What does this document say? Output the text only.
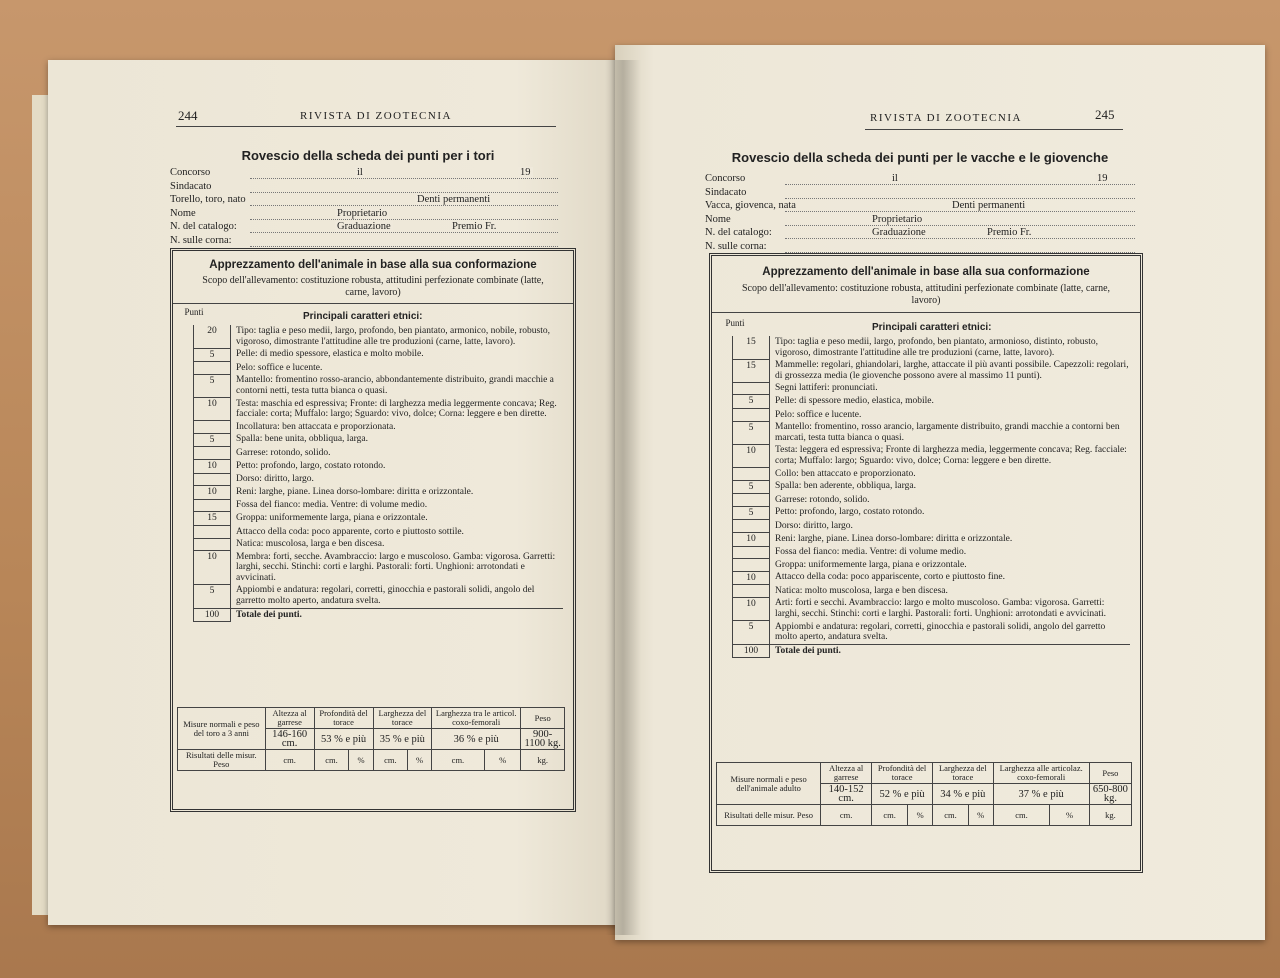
244	RIVISTA DI ZOOTECNIA
Rovescio della scheda dei punti per i tori
Concorso	il	19
Sindacato
Torello, toro, nato	Denti permanenti
Nome	Proprietario
N. del catalogo:	Graduazione	Premio Fr.
N. sulle corna:
Apprezzamento dell'animale in base alla sua conformazione
Scopo dell'allevamento: costituzione robusta, attitudini perfezionate combinate (latte, carne, lavoro)
Punti	Principali caratteri etnici:
	20	Tipo: taglia e peso medii, largo, profondo, ben piantato, armonico, nobile, robusto, vigoroso, dimostrante l'attitudine alle tre produzioni (carne, latte, lavoro).
	5	Pelle: di medio spessore, elastica e molto mobile.
		Pelo: soffice e lucente.
	5	Mantello: fromentino rosso-arancio, abbondantemente distribuito, grandi macchie a contorni netti, testa tutta bianca o quasi.
	10	Testa: maschia ed espressiva; Fronte: di larghezza media leggermente concava; Reg. facciale: corta; Muffalo: largo; Sguardo: vivo, dolce; Corna: leggere e ben dirette.
		Incollatura: ben attaccata e proporzionata.
	5	Spalla: bene unita, obbliqua, larga.
		Garrese: rotondo, solido.
	10	Petto: profondo, largo, costato rotondo.
		Dorso: diritto, largo.
	10	Reni: larghe, piane. Linea dorso-lombare: diritta e orizzontale.
		Fossa del fianco: media. Ventre: di volume medio.
	15	Groppa: uniformemente larga, piana e orizzontale.
		Attacco della coda: poco apparente, corto e piuttosto sottile.
		Natica: muscolosa, larga e ben discesa.
	10	Membra: forti, secche. Avambraccio: largo e muscoloso. Gamba: vigorosa. Garretti: larghi, secchi. Stinchi: corti e larghi. Pastorali: forti. Unghioni: arrotondati e avvicinati.
	5	Appiombi e andatura: regolari, corretti, ginocchia e pastorali solidi, angolo del garretto molto aperto, andatura svelta.
	100	Totale dei punti.
Misure normali e peso del toro a 3 anni	Altezza al garrese	Profondità del torace		Larghezza del torace		Larghezza tra le articol. coxo-femorali		Peso
	146-160 cm.	53 % e più		35 % e più		36 % e più		900-1100 kg.
Risultati delle misur. Peso	cm.	cm.	%	cm.	%	cm.	%	kg.
RIVISTA DI ZOOTECNIA	245
Rovescio della scheda dei punti per le vacche e le giovenche
Concorso	il	19
Sindacato
Vacca, giovenca, nata	Denti permanenti
Nome	Proprietario
N. del catalogo:	Graduazione	Premio Fr.
N. sulle corna:
Apprezzamento dell'animale in base alla sua conformazione
Scopo dell'allevamento: costituzione robusta, attitudini perfezionate combinate (latte, carne, lavoro)
Punti	Principali caratteri etnici:
	15	Tipo: taglia e peso medii, largo, profondo, ben piantato, armonioso, distinto, robusto, vigoroso, dimostrante l'attitudine alle tre produzioni (carne, latte, lavoro).
	15	Mammelle: regolari, ghiandolari, larghe, attaccate il più avanti possibile. Capezzoli: regolari, di grossezza media (le giovenche possono avere al massimo 11 punti).
		Segni lattiferi: pronunciati.
	5	Pelle: di spessore medio, elastica, mobile.
		Pelo: soffice e lucente.
	5	Mantello: fromentino, rosso arancio, largamente distribuito, grandi macchie a contorni ben marcati, testa tutta bianca o quasi.
	10	Testa: leggera ed espressiva; Fronte di larghezza media, leggermente concava; Reg. facciale: corta; Muffalo: largo; Sguardo: vivo, dolce; Corna: leggere e ben dirette.
		Collo: ben attaccato e proporzionato.
	5	Spalla: ben aderente, obbliqua, larga.
		Garrese: rotondo, solido.
	5	Petto: profondo, largo, costato rotondo.
		Dorso: diritto, largo.
	10	Reni: larghe, piane. Linea dorso-lombare: diritta e orizzontale.
		Fossa del fianco: media. Ventre: di volume medio.
		Groppa: uniformemente larga, piana e orizzontale.
	10	Attacco della coda: poco appariscente, corto e piuttosto fine.
		Natica: molto muscolosa, larga e ben discesa.
	10	Arti: forti e secchi. Avambraccio: largo e molto muscoloso. Gamba: vigorosa. Garretti: larghi, secchi. Stinchi: corti e larghi. Pastorali: forti. Unghioni: arrotondati e avvicinati.
	5	Appiombi e andatura: regolari, corretti, ginocchia e pastorali solidi, angolo del garretto molto aperto, andatura svelta.
	100	Totale dei punti.
Misure normali e peso dell'animale adulto	Altezza al garrese	Profondità del torace		Larghezza del torace		Larghezza alle articolaz. coxo-femorali		Peso
	140-152 cm.	52 % e più		34 % e più		37 % e più		650-800 kg.
Risultati delle misur. Peso	cm.	cm.	%	cm.	%	cm.	%	kg.
